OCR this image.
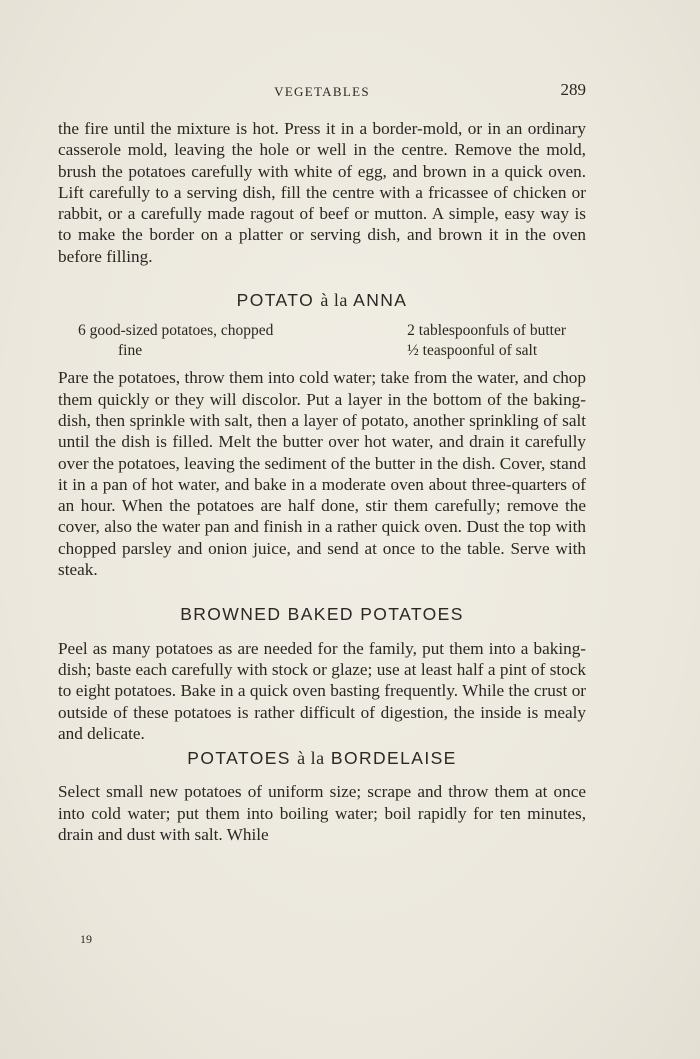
VEGETABLES	289

the fire until the mixture is hot. Press it in a border-mold, or in an ordinary casserole mold, leaving the hole or well in the centre. Remove the mold, brush the potatoes carefully with white of egg, and brown in a quick oven. Lift carefully to a serving dish, fill the centre with a fricassee of chicken or rabbit, or a carefully made ragout of beef or mutton. A simple, easy way is to make the border on a platter or serving dish, and brown it in the oven before filling.

POTATO à la ANNA
6 good-sized potatoes, chopped
fine
2 tablespoonfuls of butter
½ teaspoonful of salt

Pare the potatoes, throw them into cold water; take from the water, and chop them quickly or they will discolor. Put a layer in the bottom of the baking-dish, then sprinkle with salt, then a layer of potato, another sprinkling of salt until the dish is filled. Melt the butter over hot water, and drain it carefully over the potatoes, leaving the sediment of the butter in the dish. Cover, stand it in a pan of hot water, and bake in a moderate oven about three-quarters of an hour. When the potatoes are half done, stir them carefully; remove the cover, also the water pan and finish in a rather quick oven. Dust the top with chopped parsley and onion juice, and send at once to the table. Serve with steak.

BROWNED BAKED POTATOES

Peel as many potatoes as are needed for the family, put them into a baking-dish; baste each carefully with stock or glaze; use at least half a pint of stock to eight potatoes. Bake in a quick oven basting frequently. While the crust or outside of these potatoes is rather difficult of digestion, the inside is mealy and delicate.

POTATOES à la BORDELAISE

Select small new potatoes of uniform size; scrape and throw them at once into cold water; put them into boiling water; boil rapidly for ten minutes, drain and dust with salt. While

19
